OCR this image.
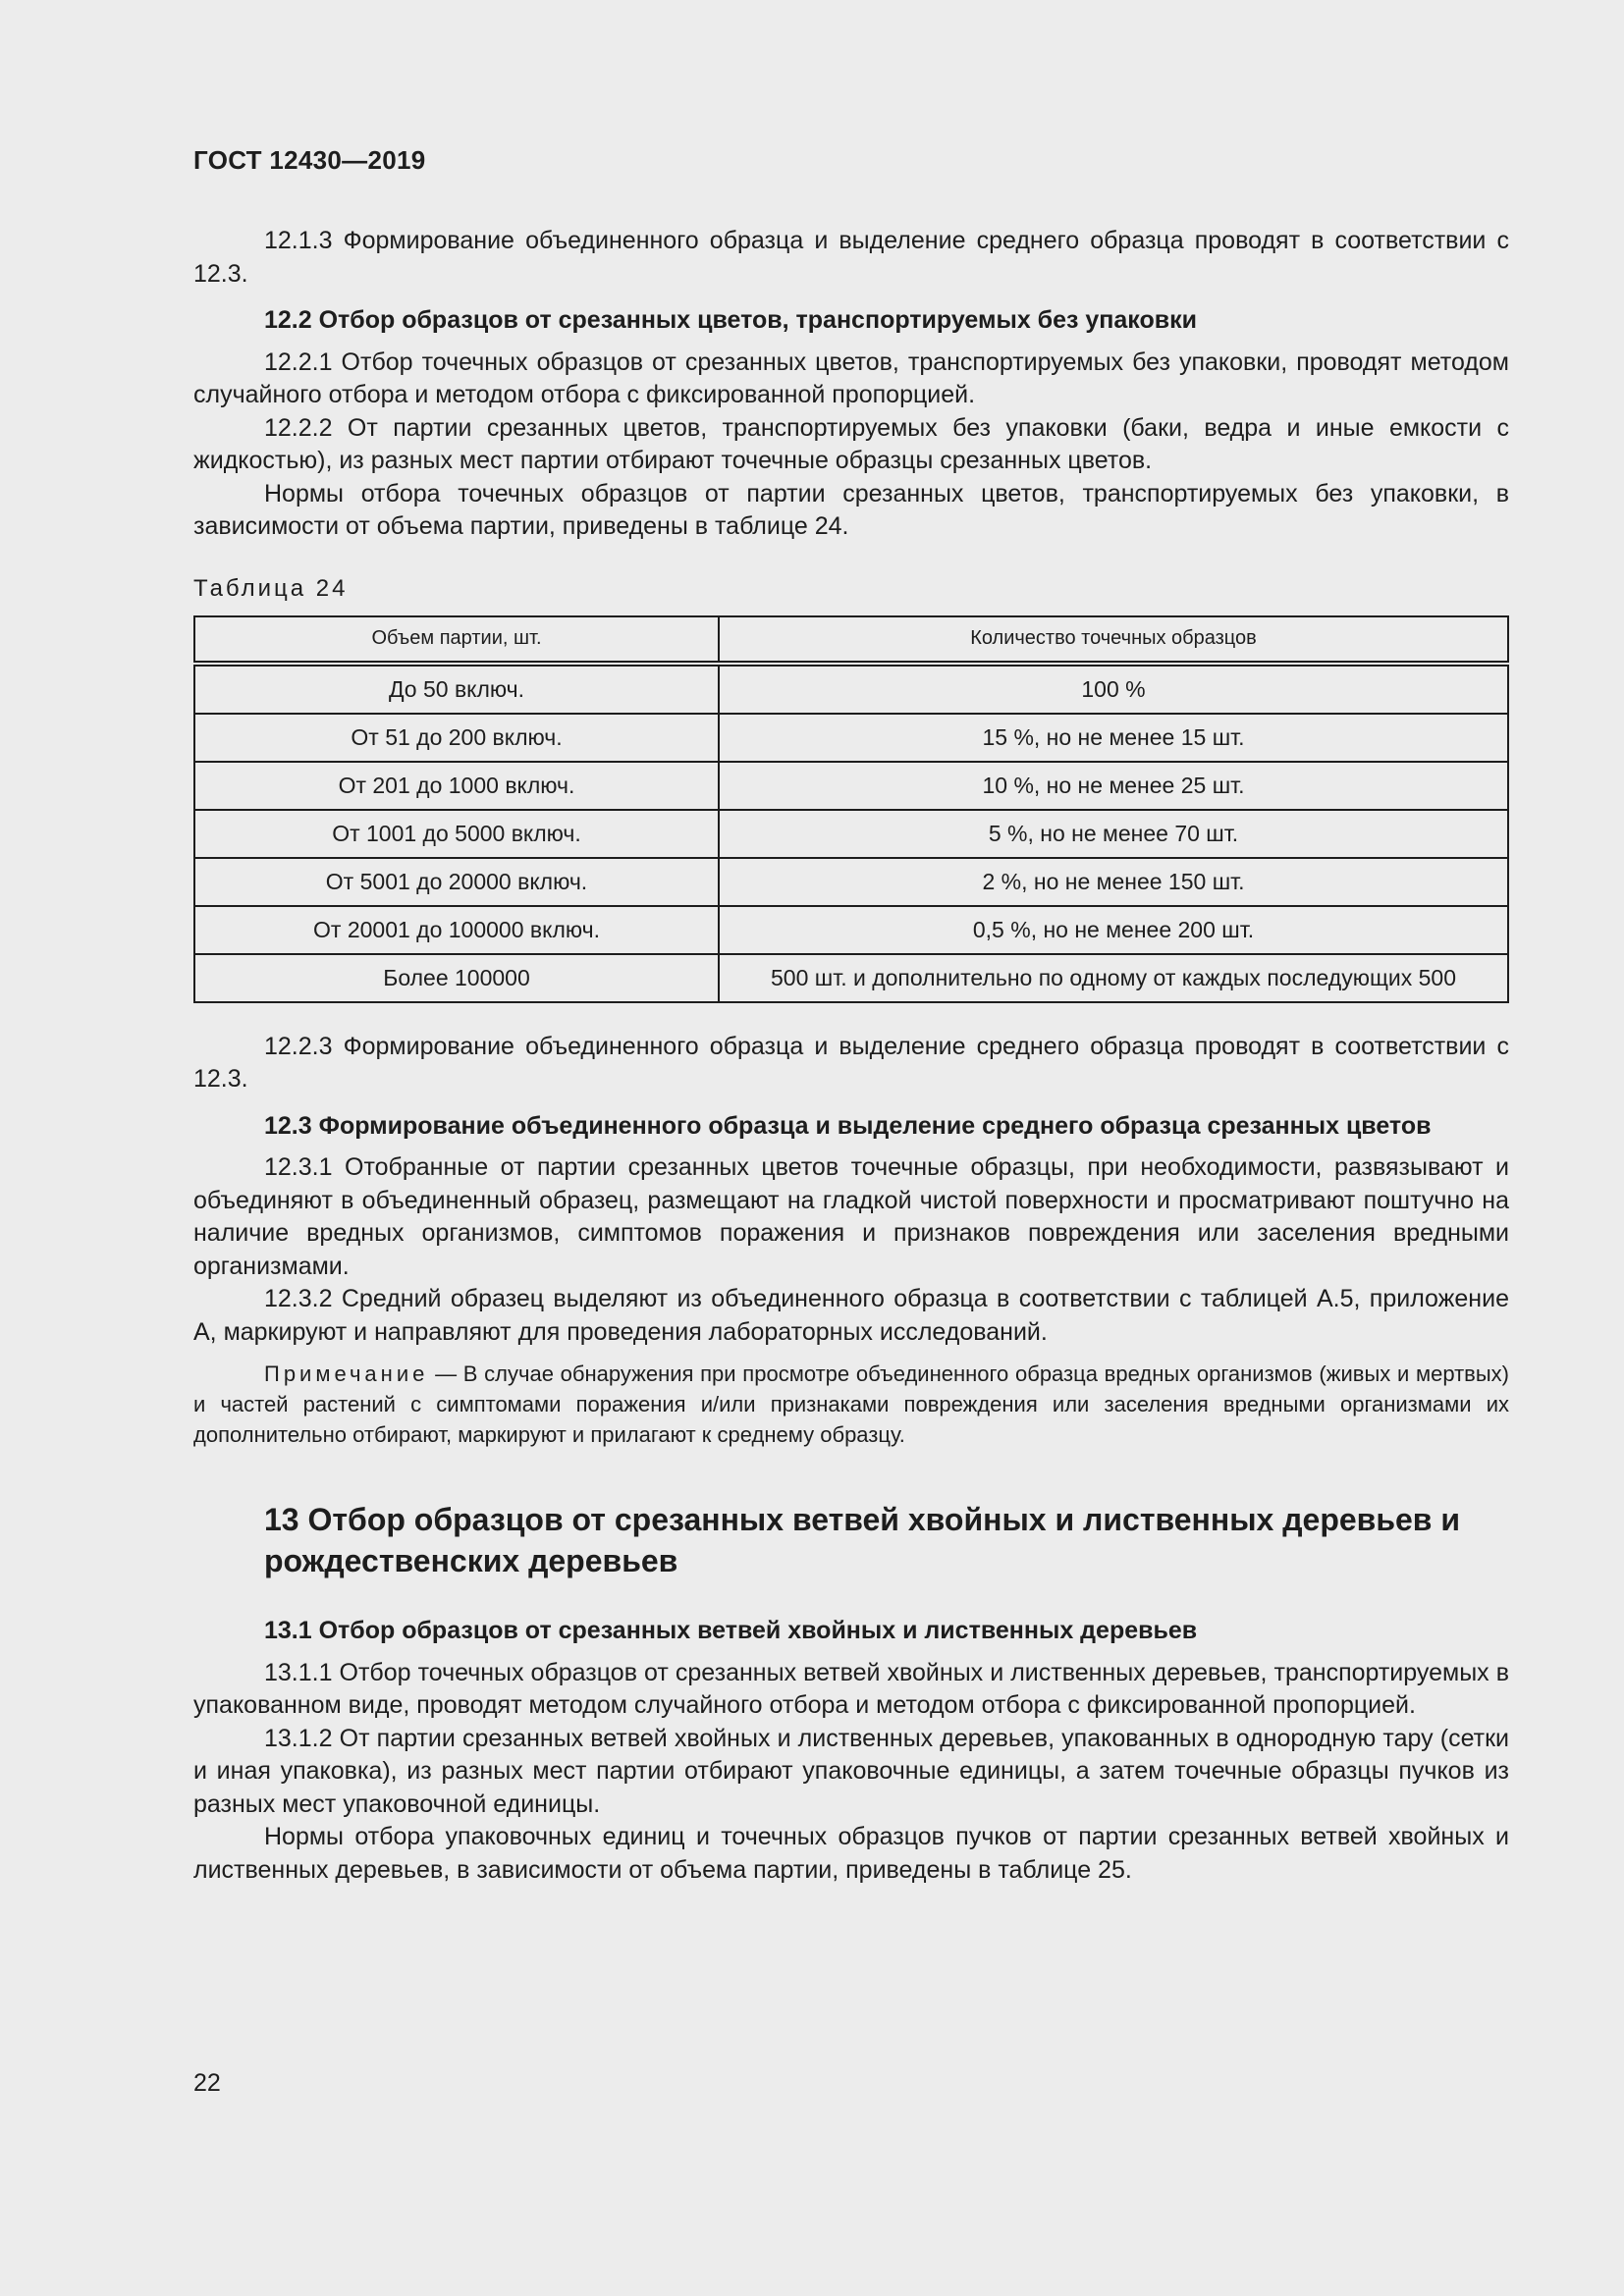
ГОСТ 12430—2019

12.1.3 Формирование объединенного образца и выделение среднего образца проводят в соответствии с 12.3.

12.2 Отбор образцов от срезанных цветов, транспортируемых без упаковки

12.2.1 Отбор точечных образцов от срезанных цветов, транспортируемых без упаковки, проводят методом случайного отбора и методом отбора с фиксированной пропорцией.

12.2.2 От партии срезанных цветов, транспортируемых без упаковки (баки, ведра и иные емкости с жидкостью), из разных мест партии отбирают точечные образцы срезанных цветов.

Нормы отбора точечных образцов от партии срезанных цветов, транспортируемых без упаковки, в зависимости от объема партии, приведены в таблице 24.

Таблица 24
Объем партии, шт.	Количество точечных образцов
До 50 включ.	100 %
От 51 до 200 включ.	15 %, но не менее 15 шт.
От 201 до 1000 включ.	10 %, но не менее 25 шт.
От 1001 до 5000 включ.	5 %, но не менее 70 шт.
От 5001 до 20000 включ.	2 %, но не менее 150 шт.
От 20001 до 100000 включ.	0,5 %, но не менее 200 шт.
Более 100000	500 шт. и дополнительно по одному от каждых последующих 500

12.2.3 Формирование объединенного образца и выделение среднего образца проводят в соответствии с 12.3.

12.3 Формирование объединенного образца и выделение среднего образца срезанных цветов

12.3.1 Отобранные от партии срезанных цветов точечные образцы, при необходимости, развязывают и объединяют в объединенный образец, размещают на гладкой чистой поверхности и просматривают поштучно на наличие вредных организмов, симптомов поражения и признаков повреждения или заселения вредными организмами.

12.3.2 Средний образец выделяют из объединенного образца в соответствии с таблицей А.5, приложение А, маркируют и направляют для проведения лабораторных исследований.

Примечание — В случае обнаружения при просмотре объединенного образца вредных организмов (живых и мертвых) и частей растений с симптомами поражения и/или признаками повреждения или заселения вредными организмами их дополнительно отбирают, маркируют и прилагают к среднему образцу.
13 Отбор образцов от срезанных ветвей хвойных и лиственных деревьев и рождественских деревьев
13.1 Отбор образцов от срезанных ветвей хвойных и лиственных деревьев

13.1.1 Отбор точечных образцов от срезанных ветвей хвойных и лиственных деревьев, транспортируемых в упакованном виде, проводят методом случайного отбора и методом отбора с фиксированной пропорцией.

13.1.2 От партии срезанных ветвей хвойных и лиственных деревьев, упакованных в однородную тару (сетки и иная упаковка), из разных мест партии отбирают упаковочные единицы, а затем точечные образцы пучков из разных мест упаковочной единицы.

Нормы отбора упаковочных единиц и точечных образцов пучков от партии срезанных ветвей хвойных и лиственных деревьев, в зависимости от объема партии, приведены в таблице 25.

22
